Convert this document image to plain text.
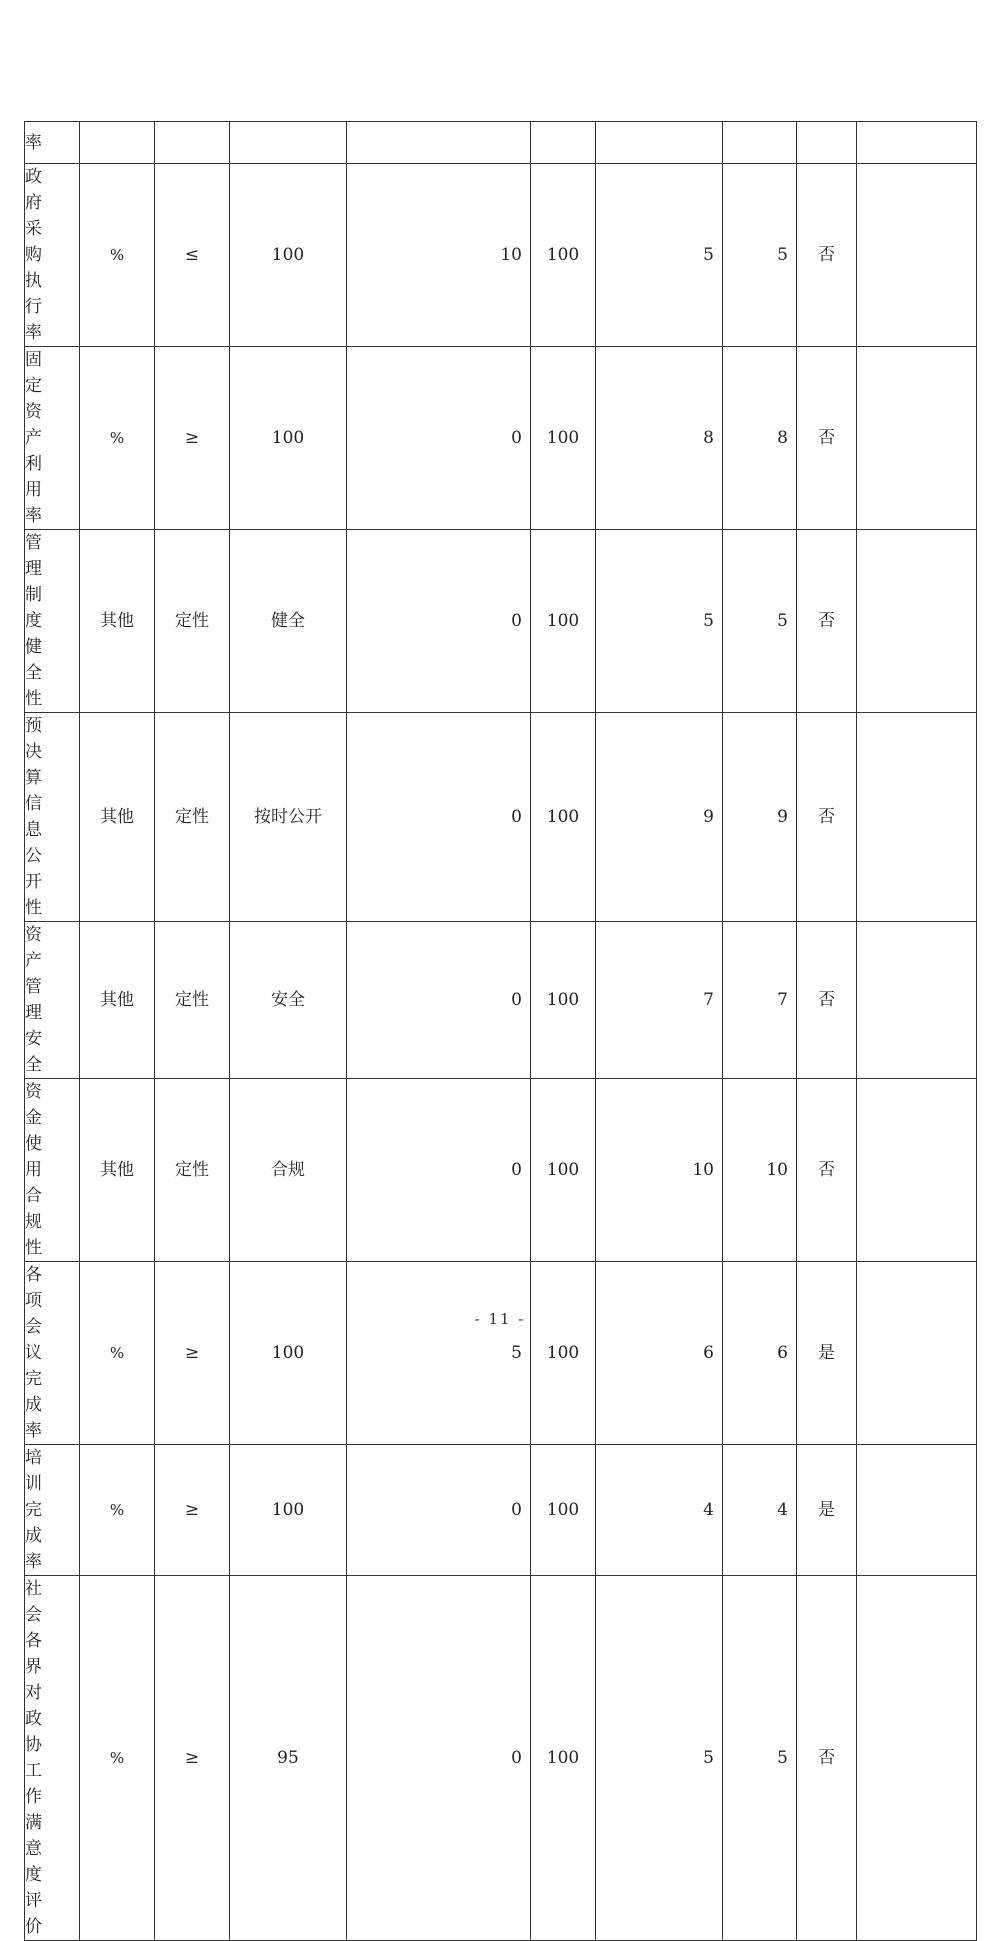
率									

政府采购执行率	%	≤	100	10	100	5	5	否	

固定资产利用率	%	≥	100	0	100	8	8	否	

管理制度健全性	其他	定性	健全	0	100	5	5	否	

预决算信息公开性	其他	定性	按时公开	0	100	9	9	否	

资产管理安全	其他	定性	安全	0	100	7	7	否	

资金使用合规性	其他	定性	合规	0	100	10	10	否	

各项会议完成率	%	≥	100	5	100	6	6	是	

培训完成率	%	≥	100	0	100	4	4	是	

社会各界对政协工作满意度评价	%	≥	95	0	100	5	5	否	
- 11 -
